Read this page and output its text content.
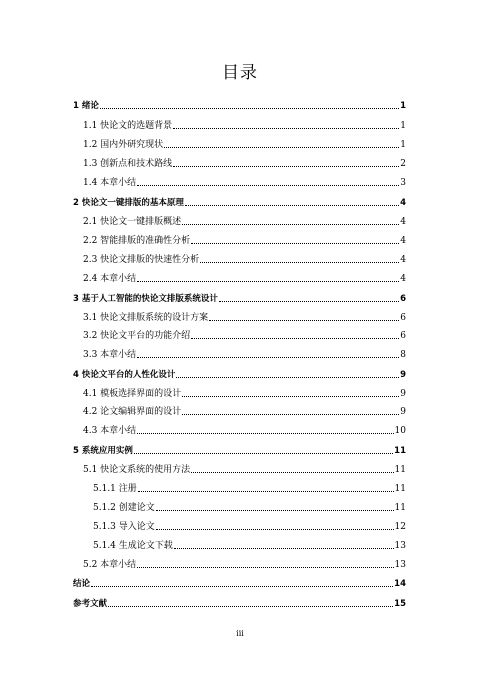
目录
1 绪论	1
1.1 快论文的选题背景	1
1.2 国内外研究现状	1
1.3 创新点和技术路线	2
1.4 本章小结	3
2 快论文一键排版的基本原理	4
2.1 快论文一键排版概述	4
2.2 智能排版的准确性分析	4
2.3 快论文排版的快速性分析	4
2.4 本章小结	4
3 基于人工智能的快论文排版系统设计	6
3.1 快论文排版系统的设计方案	6
3.2 快论文平台的功能介绍	6
3.3 本章小结	8
4 快论文平台的人性化设计	9
4.1 模板选择界面的设计	9
4.2 论文编辑界面的设计	9
4.3 本章小结	10
5 系统应用实例	11
5.1 快论文系统的使用方法	11
5.1.1 注册	11
5.1.2 创建论文	11
5.1.3 导入论文	12
5.1.4 生成论文下载	13
5.2 本章小结	13
结论	14
参考文献	15
iii
